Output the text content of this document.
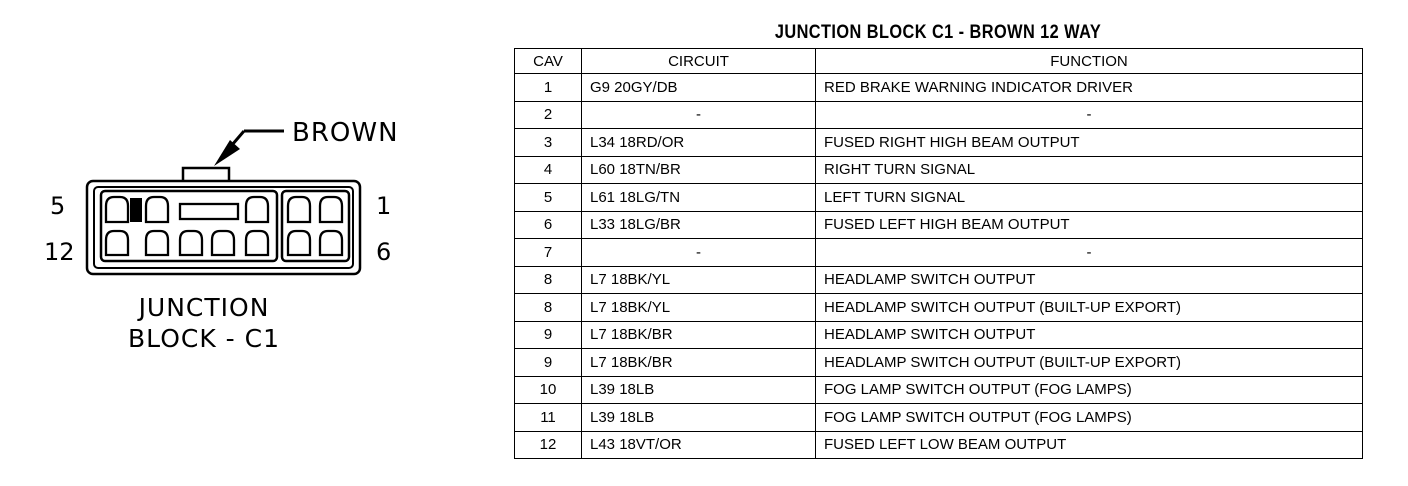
BROWN
5
12
1
6
JUNCTION
BLOCK - C1
JUNCTION BLOCK C1 - BROWN 12 WAY
CAV	CIRCUIT	FUNCTION
1	G9 20GY/DB	RED BRAKE WARNING INDICATOR DRIVER
2	-	-
3	L34 18RD/OR	FUSED RIGHT HIGH BEAM OUTPUT
4	L60 18TN/BR	RIGHT TURN SIGNAL
5	L61 18LG/TN	LEFT TURN SIGNAL
6	L33 18LG/BR	FUSED LEFT HIGH BEAM OUTPUT
7	-	-
8	L7 18BK/YL	HEADLAMP SWITCH OUTPUT
8	L7 18BK/YL	HEADLAMP SWITCH OUTPUT (BUILT-UP EXPORT)
9	L7 18BK/BR	HEADLAMP SWITCH OUTPUT
9	L7 18BK/BR	HEADLAMP SWITCH OUTPUT (BUILT-UP EXPORT)
10	L39 18LB	FOG LAMP SWITCH OUTPUT (FOG LAMPS)
11	L39 18LB	FOG LAMP SWITCH OUTPUT (FOG LAMPS)
12	L43 18VT/OR	FUSED LEFT LOW BEAM OUTPUT
